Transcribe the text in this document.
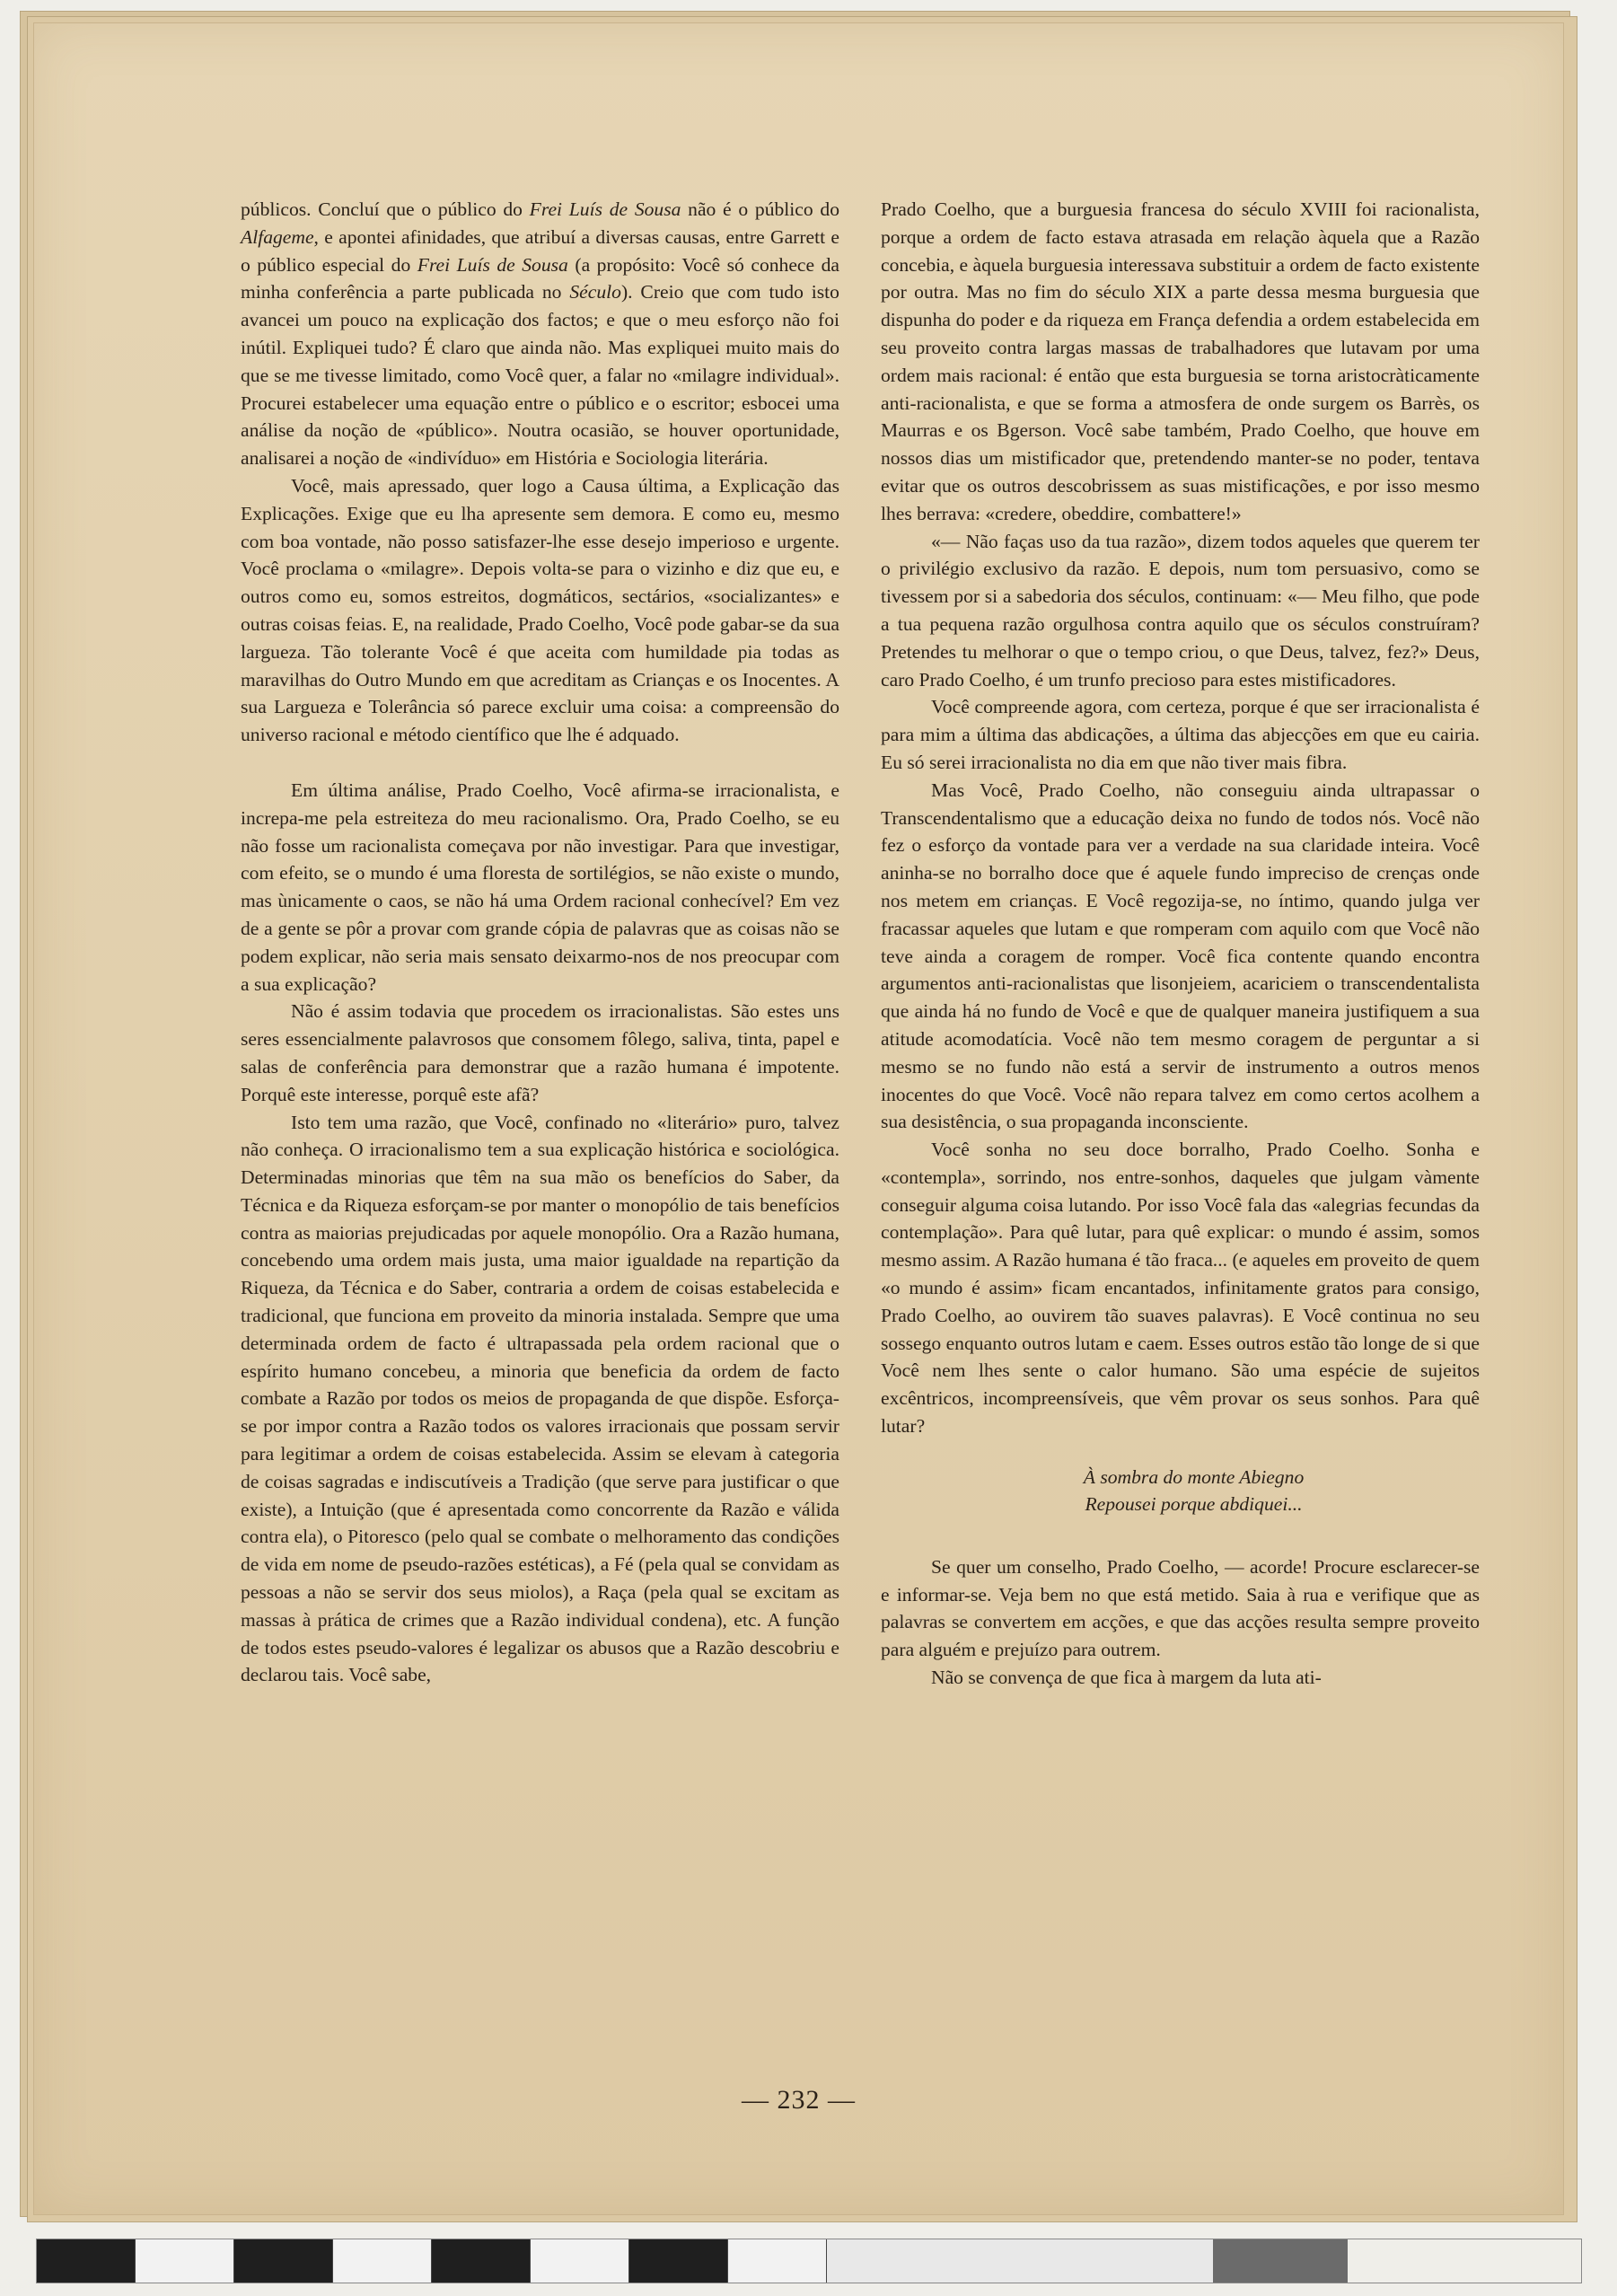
públicos. Concluí que o público do Frei Luís de Sousa não é o público do Alfageme, e apontei afinidades, que atribuí a diversas causas, entre Garrett e o público especial do Frei Luís de Sousa (a propósito: Você só conhece da minha conferência a parte publicada no Século). Creio que com tudo isto avancei um pouco na explicação dos factos; e que o meu esforço não foi inútil. Expliquei tudo? É claro que ainda não. Mas expliquei muito mais do que se me tivesse limitado, como Você quer, a falar no «milagre individual». Procurei estabelecer uma equação entre o público e o escritor; esbocei uma análise da noção de «público». Noutra ocasião, se houver oportunidade, analisarei a noção de «indivíduo» em História e Sociologia literária.

Você, mais apressado, quer logo a Causa última, a Explicação das Explicações. Exige que eu lha apresente sem demora. E como eu, mesmo com boa vontade, não posso satisfazer-lhe esse desejo imperioso e urgente. Você proclama o «milagre». Depois volta-se para o vizinho e diz que eu, e outros como eu, somos estreitos, dogmáticos, sectários, «socializantes» e outras coisas feias. E, na realidade, Prado Coelho, Você pode gabar-se da sua largueza. Tão tolerante Você é que aceita com humildade pia todas as maravilhas do Outro Mundo em que acreditam as Crianças e os Inocentes. A sua Largueza e Tolerância só parece excluir uma coisa: a compreensão do universo racional e método científico que lhe é adquado.

Em última análise, Prado Coelho, Você afirma-se irracionalista, e increpa-me pela estreiteza do meu racionalismo. Ora, Prado Coelho, se eu não fosse um racionalista começava por não investigar. Para que investigar, com efeito, se o mundo é uma floresta de sortilégios, se não existe o mundo, mas ùnicamente o caos, se não há uma Ordem racional conhecível? Em vez de a gente se pôr a provar com grande cópia de palavras que as coisas não se podem explicar, não seria mais sensato deixarmo-nos de nos preocupar com a sua explicação?

Não é assim todavia que procedem os irracionalistas. São estes uns seres essencialmente palavrosos que consomem fôlego, saliva, tinta, papel e salas de conferência para demonstrar que a razão humana é impotente. Porquê este interesse, porquê este afã?

Isto tem uma razão, que Você, confinado no «literário» puro, talvez não conheça. O irracionalismo tem a sua explicação histórica e sociológica. Determinadas minorias que têm na sua mão os benefícios do Saber, da Técnica e da Riqueza esforçam-se por manter o monopólio de tais benefícios contra as maiorias prejudicadas por aquele monopólio. Ora a Razão humana, concebendo uma ordem mais justa, uma maior igualdade na repartição da Riqueza, da Técnica e do Saber, contraria a ordem de coisas estabelecida e tradicional, que funciona em proveito da minoria instalada. Sempre que uma determinada ordem de facto é ultrapassada pela ordem racional que o espírito humano concebeu, a minoria que beneficia da ordem de facto combate a Razão por todos os meios de propaganda de que dispõe. Esforça-se por impor contra a Razão todos os valores irracionais que possam servir para legitimar a ordem de coisas estabelecida. Assim se elevam à categoria de coisas sagradas e indiscutíveis a Tradição (que serve para justificar o que existe), a Intuição (que é apresentada como concorrente da Razão e válida contra ela), o Pitoresco (pelo qual se combate o melhoramento das condições de vida em nome de pseudo-razões estéticas), a Fé (pela qual se convidam as pessoas a não se servir dos seus miolos), a Raça (pela qual se excitam as massas à prática de crimes que a Razão individual condena), etc. A função de todos estes pseudo-valores é legalizar os abusos que a Razão descobriu e declarou tais. Você sabe,

Prado Coelho, que a burguesia francesa do século XVIII foi racionalista, porque a ordem de facto estava atrasada em relação àquela que a Razão concebia, e àquela burguesia interessava substituir a ordem de facto existente por outra. Mas no fim do século XIX a parte dessa mesma burguesia que dispunha do poder e da riqueza em França defendia a ordem estabelecida em seu proveito contra largas massas de trabalhadores que lutavam por uma ordem mais racional: é então que esta burguesia se torna aristocràticamente anti-racionalista, e que se forma a atmosfera de onde surgem os Barrès, os Maurras e os Bgerson. Você sabe também, Prado Coelho, que houve em nossos dias um mistificador que, pretendendo manter-se no poder, tentava evitar que os outros descobrissem as suas mistificações, e por isso mesmo lhes berrava: «credere, obeddire, combattere!»

«— Não faças uso da tua razão», dizem todos aqueles que querem ter o privilégio exclusivo da razão. E depois, num tom persuasivo, como se tivessem por si a sabedoria dos séculos, continuam: «— Meu filho, que pode a tua pequena razão orgulhosa contra aquilo que os séculos construíram? Pretendes tu melhorar o que o tempo criou, o que Deus, talvez, fez?» Deus, caro Prado Coelho, é um trunfo precioso para estes mistificadores.

Você compreende agora, com certeza, porque é que ser irracionalista é para mim a última das abdicações, a última das abjecções em que eu cairia. Eu só serei irracionalista no dia em que não tiver mais fibra.

Mas Você, Prado Coelho, não conseguiu ainda ultrapassar o Transcendentalismo que a educação deixa no fundo de todos nós. Você não fez o esforço da vontade para ver a verdade na sua claridade inteira. Você aninha-se no borralho doce que é aquele fundo impreciso de crenças onde nos metem em crianças. E Você regozija-se, no íntimo, quando julga ver fracassar aqueles que lutam e que romperam com aquilo com que Você não teve ainda a coragem de romper. Você fica contente quando encontra argumentos anti-racionalistas que lisonjeiem, acariciem o transcendentalista que ainda há no fundo de Você e que de qualquer maneira justifiquem a sua atitude acomodatícia. Você não tem mesmo coragem de perguntar a si mesmo se no fundo não está a servir de instrumento a outros menos inocentes do que Você. Você não repara talvez em como certos acolhem a sua desistência, o sua propaganda inconsciente.

Você sonha no seu doce borralho, Prado Coelho. Sonha e «contempla», sorrindo, nos entre-sonhos, daqueles que julgam vàmente conseguir alguma coisa lutando. Por isso Você fala das «alegrias fecundas da contemplação». Para quê lutar, para quê explicar: o mundo é assim, somos mesmo assim. A Razão humana é tão fraca... (e aqueles em proveito de quem «o mundo é assim» ficam encantados, infinitamente gratos para consigo, Prado Coelho, ao ouvirem tão suaves palavras). E Você continua no seu sossego enquanto outros lutam e caem. Esses outros estão tão longe de si que Você nem lhes sente o calor humano. São uma espécie de sujeitos excêntricos, incompreensíveis, que vêm provar os seus sonhos. Para quê lutar?

À sombra do monte Abiegno
Repousei porque abdiquei...

Se quer um conselho, Prado Coelho, — acorde! Procure esclarecer-se e informar-se. Veja bem no que está metido. Saia à rua e verifique que as palavras se convertem em acções, e que das acções resulta sempre proveito para alguém e prejuízo para outrem.

Não se convença de que fica à margem da luta ati-

— 232 —
